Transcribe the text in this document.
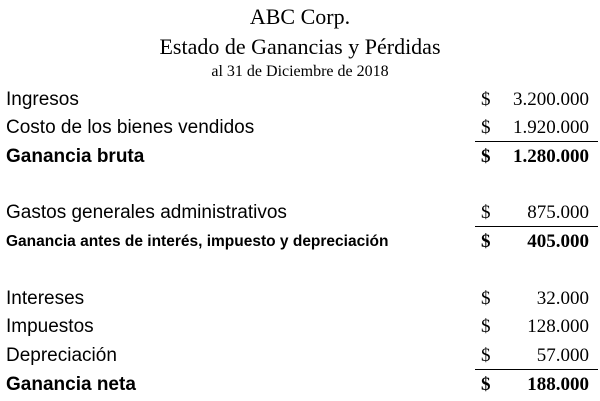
ABC Corp.
Estado de Ganancias y Pérdidas
al 31 de Diciembre de 2018
Ingresos	$ 3.200.000
Costo de los bienes vendidos	$ 1.920.000
Ganancia bruta	$ 1.280.000
Gastos generales administrativos	$ 875.000
Ganancia antes de interés, impuesto y depreciación	$ 405.000
Intereses	$ 32.000
Impuestos	$ 128.000
Depreciación	$ 57.000
Ganancia neta	$ 188.000
